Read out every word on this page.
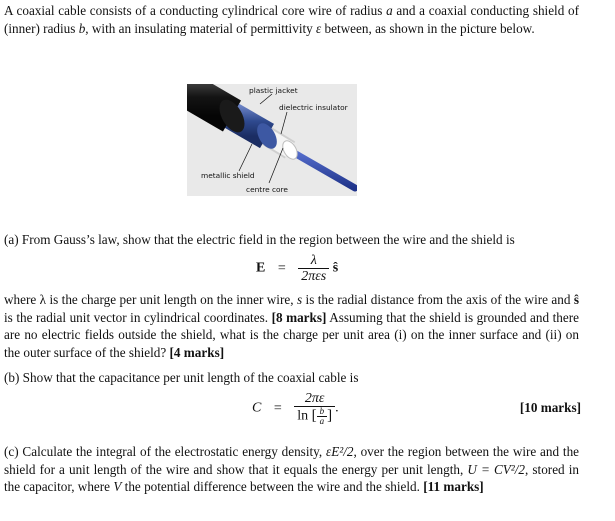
A coaxial cable consists of a conducting cylindrical core wire of radius a and a coaxial conducting shield of (inner) radius b, with an insulating material of permittivity ε between, as shown in the picture below.
plastic jacket
dielectric insulator
metallic shield
centre core
(a) From Gauss’s law, show that the electric field in the region between the wire and the shield is
$E = \frac{\lambda}{\text{2πεs}}$ ŝ
where λ is the charge per unit length on the inner wire, s is the radial distance from the axis of the wire and ŝ is the radial unit vector in cylindrical coordinates. [8 marks] Assuming that the shield is grounded and there are no electric fields outside the shield, what is the charge per unit area (i) on the inner surface and (ii) on the outer surface of the shield? [4 marks]
(b) Show that the capacitance per unit length of the coaxial cable is
$C = \frac{2\pi\varepsilon}{\ln [ \frac{b}{a} ]}$ .	[10 marks]
(c) Calculate the integral of the electrostatic energy density, εE²/2, over the region between the wire and the shield for a unit length of the wire and show that it equals the energy per unit length, U = CV²/2, stored in the capacitor, where V the potential difference between the wire and the shield. [11 marks]
